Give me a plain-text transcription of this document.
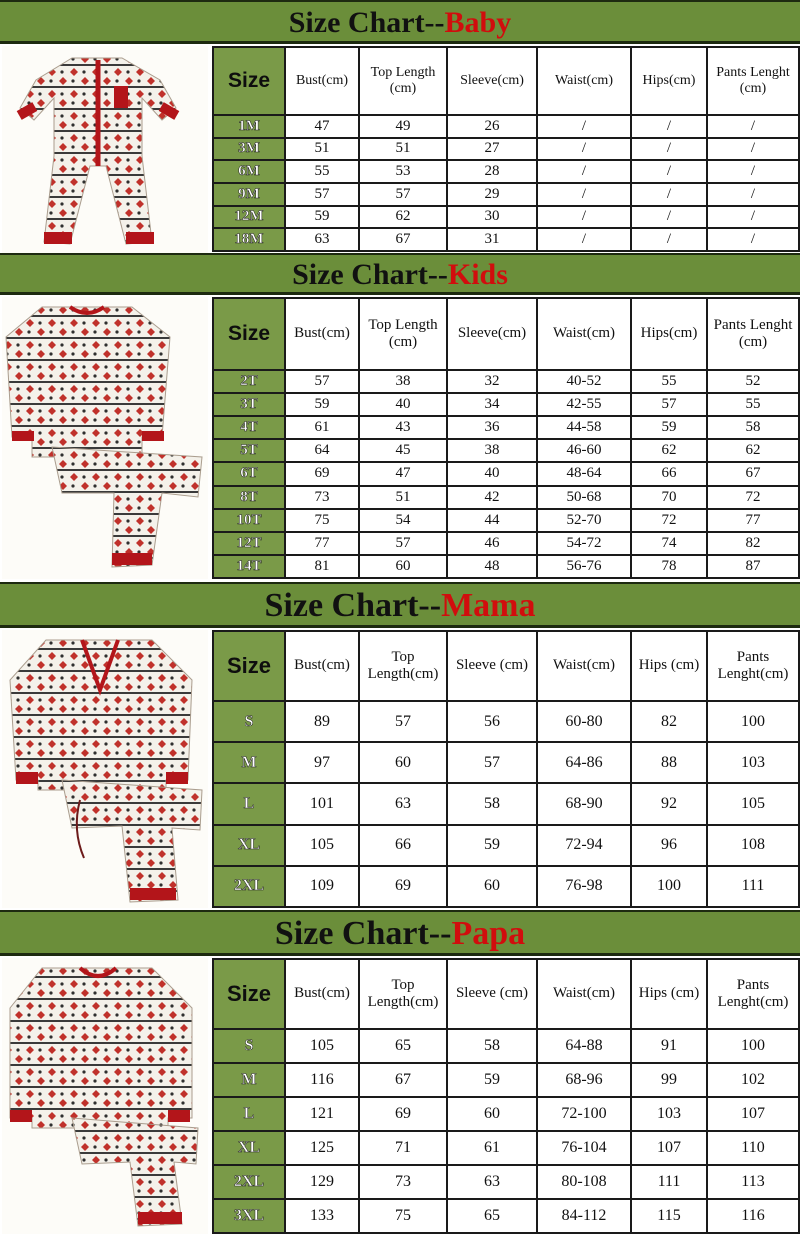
Size Chart--Baby
Size	Bust(cm)	Top Length (cm)	Sleeve(cm)	Waist(cm)	Hips(cm)	Pants Lenght (cm)
1M	47	49	26	/	/	/
3M	51	51	27	/	/	/
6M	55	53	28	/	/	/
9M	57	57	29	/	/	/
12M	59	62	30	/	/	/
18M	63	67	31	/	/	/
Size Chart--Kids
Size	Bust(cm)	Top Length (cm)	Sleeve(cm)	Waist(cm)	Hips(cm)	Pants Lenght (cm)
2T	57	38	32	40-52	55	52
3T	59	40	34	42-55	57	55
4T	61	43	36	44-58	59	58
5T	64	45	38	46-60	62	62
6T	69	47	40	48-64	66	67
8T	73	51	42	50-68	70	72
10T	75	54	44	52-70	72	77
12T	77	57	46	54-72	74	82
14T	81	60	48	56-76	78	87
Size Chart--Mama
Size	Bust(cm)	Top Length(cm)	Sleeve (cm)	Waist(cm)	Hips (cm)	Pants Lenght(cm)
S	89	57	56	60-80	82	100
M	97	60	57	64-86	88	103
L	101	63	58	68-90	92	105
XL	105	66	59	72-94	96	108
2XL	109	69	60	76-98	100	111
Size Chart--Papa
Size	Bust(cm)	Top Length(cm)	Sleeve (cm)	Waist(cm)	Hips (cm)	Pants Lenght(cm)
S	105	65	58	64-88	91	100
M	116	67	59	68-96	99	102
L	121	69	60	72-100	103	107
XL	125	71	61	76-104	107	110
2XL	129	73	63	80-108	111	113
3XL	133	75	65	84-112	115	116
